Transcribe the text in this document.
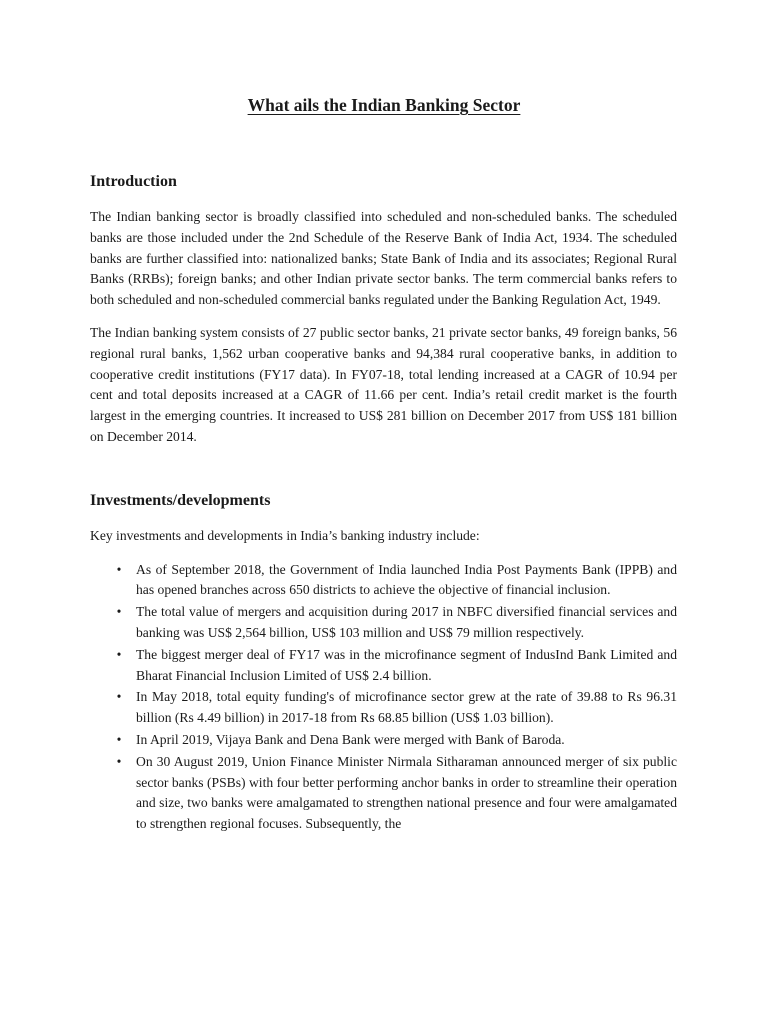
What ails the Indian Banking Sector
Introduction

The Indian banking sector is broadly classified into scheduled and non-scheduled banks. The scheduled banks are those included under the 2nd Schedule of the Reserve Bank of India Act, 1934. The scheduled banks are further classified into: nationalized banks; State Bank of India and its associates; Regional Rural Banks (RRBs); foreign banks; and other Indian private sector banks. The term commercial banks refers to both scheduled and non-scheduled commercial banks regulated under the Banking Regulation Act, 1949.

The Indian banking system consists of 27 public sector banks, 21 private sector banks, 49 foreign banks, 56 regional rural banks, 1,562 urban cooperative banks and 94,384 rural cooperative banks, in addition to cooperative credit institutions (FY17 data). In FY07-18, total lending increased at a CAGR of 10.94 per cent and total deposits increased at a CAGR of 11.66 per cent. India’s retail credit market is the fourth largest in the emerging countries. It increased to US$ 281 billion on December 2017 from US$ 181 billion on December 2014.

Investments/developments

Key investments and developments in India’s banking industry include:

• As of September 2018, the Government of India launched India Post Payments Bank (IPPB) and has opened branches across 650 districts to achieve the objective of financial inclusion.
• The total value of mergers and acquisition during 2017 in NBFC diversified financial services and banking was US$ 2,564 billion, US$ 103 million and US$ 79 million respectively.
• The biggest merger deal of FY17 was in the microfinance segment of IndusInd Bank Limited and Bharat Financial Inclusion Limited of US$ 2.4 billion.
• In May 2018, total equity funding's of microfinance sector grew at the rate of 39.88 to Rs 96.31 billion (Rs 4.49 billion) in 2017-18 from Rs 68.85 billion (US$ 1.03 billion).
• In April 2019, Vijaya Bank and Dena Bank were merged with Bank of Baroda.
• On 30 August 2019, Union Finance Minister Nirmala Sitharaman announced merger of six public sector banks (PSBs) with four better performing anchor banks in order to streamline their operation and size, two banks were amalgamated to strengthen national presence and four were amalgamated to strengthen regional focuses. Subsequently, the
